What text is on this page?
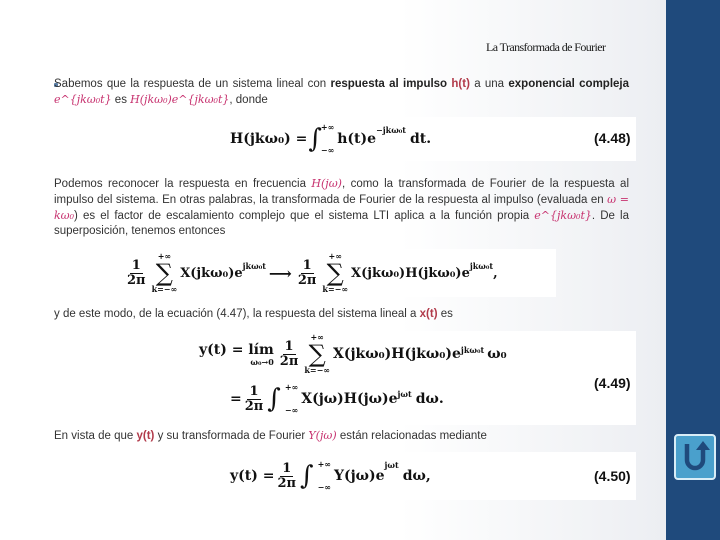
La Transformada de Fourier
Sabemos que la respuesta de un sistema lineal con respuesta al impulso h(t) a una exponencial compleja e^{jkω₀t} es H(jkω₀)e^{jkω₀t}, donde
H(jkω₀) = ∫ +∞
−∞
h(t)e
$^{-jk\omega_0t}$
dt.	(4.48)
Podemos reconocer la respuesta en frecuencia H(jω), como la transformada de Fourier de la respuesta al impulso del sistema. En otras palabras, la transformada de Fourier de la respuesta al impulso (evaluada en ω = kω₀) es el factor de escalamiento complejo que el sistema LTI aplica a la función propia e^{jkω₀t}. De la superposición, tenemos entonces
$\frac{1}{2\pi}$
+∞
∑
k=−∞
$X(jk\omega_0)e^{jk\omega_0t}$ ⟶ $\frac{1}{2\pi}$
+∞
∑
k=−∞
$X(jk\omega_0)H(jk\omega_0)e^{jk\omega_0t}$ ,
y de este modo, de la ecuación (4.47), la respuesta del sistema lineal a x(t) es
y(t) = lím
$\omega_0\to 0 \frac{1}{2\pi}$
+∞
∑
k=−∞
$X(jk\omega_0)H(jk\omega_0)e^{jk\omega_0t}$ ω₀
= $\frac{1}{2\pi}$ ∫ +∞
−∞
$X(j\omega)H(j\omega)e^{j\omega t}$ dω.
(4.49)
En vista de que y(t) y su transformada de Fourier Y(jω) están relacionadas mediante
$y(t) = \frac{1}{2\pi}$ ∫ +∞
−∞
Y(jω)e
$^{j\omega t}$
dω,	(4.50)
